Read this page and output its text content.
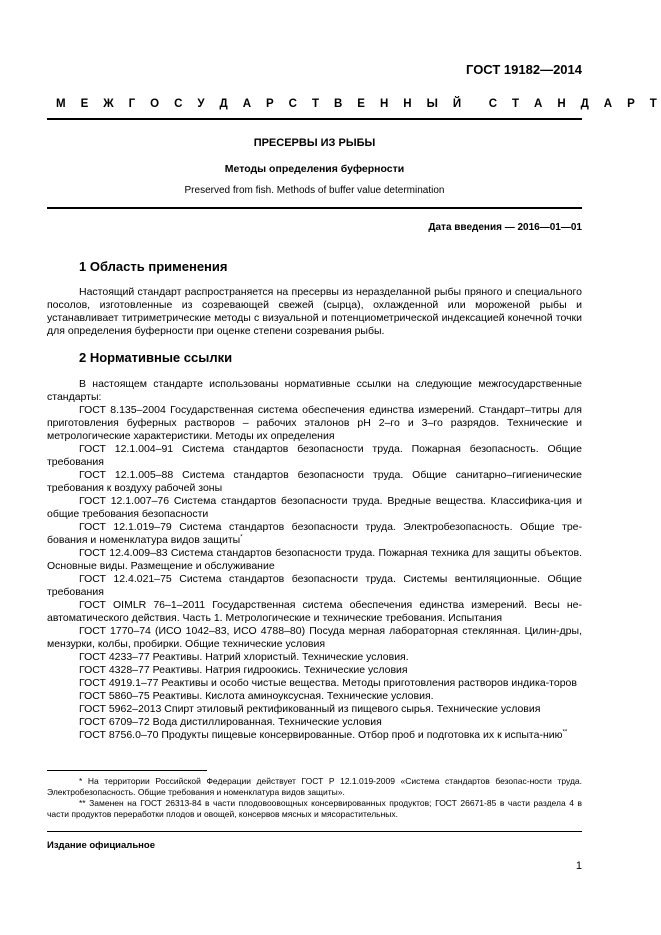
ГОСТ 19182—2014
М Е Ж Г О С У Д А Р С Т В Е Н Н Ы Й С Т А Н Д А Р Т
ПРЕСЕРВЫ ИЗ РЫБЫ
Методы определения буферности
Preserved from fish. Methods of buffer value determination
Дата введения — 2016—01—01
1 Область применения

Настоящий стандарт распространяется на пресервы из неразделанной рыбы пряного и специального посолов, изготовленные из созревающей свежей (сырца), охлажденной или мороженой рыбы и устанавливает титриметрические методы с визуальной и потенциометрической индексацией конечной точки для определения буферности при оценке степени созревания рыбы.

2 Нормативные ссылки

В настоящем стандарте использованы нормативные ссылки на следующие межгосударственные стандарты:

ГОСТ 8.135–2004 Государственная система обеспечения единства измерений. Стандарт–титры для приготовления буферных растворов – рабочих эталонов рН 2–го и 3–го разрядов. Технические и метрологические характеристики. Методы их определения

ГОСТ 12.1.004–91 Система стандартов безопасности труда. Пожарная безопасность. Общие требования

ГОСТ 12.1.005–88 Система стандартов безопасности труда. Общие санитарно–гигиенические требования к воздуху рабочей зоны

ГОСТ 12.1.007–76 Система стандартов безопасности труда. Вредные вещества. Классифика-ция и общие требования безопасности

ГОСТ 12.1.019–79 Система стандартов безопасности труда. Электробезопасность. Общие тре-бования и номенклатура видов защиты*

ГОСТ 12.4.009–83 Система стандартов безопасности труда. Пожарная техника для защиты объектов. Основные виды. Размещение и обслуживание

ГОСТ 12.4.021–75 Система стандартов безопасности труда. Системы вентиляционные. Общие требования

ГОСТ OIMLR 76–1–2011 Государственная система обеспечения единства измерений. Весы не-автоматического действия. Часть 1. Метрологические и технические требования. Испытания

ГОСТ 1770–74 (ИСО 1042–83, ИСО 4788–80) Посуда мерная лабораторная стеклянная. Цилин-дры, мензурки, колбы, пробирки. Общие технические условия

ГОСТ 4233–77 Реактивы. Натрий хлористый. Технические условия.

ГОСТ 4328–77 Реактивы. Натрия гидроокись. Технические условия

ГОСТ 4919.1–77 Реактивы и особо чистые вещества. Методы приготовления растворов индика-торов

ГОСТ 5860–75 Реактивы. Кислота аминоуксусная. Технические условия.

ГОСТ 5962–2013 Спирт этиловый ректификованный из пищевого сырья. Технические условия

ГОСТ 6709–72 Вода дистиллированная. Технические условия

ГОСТ 8756.0–70 Продукты пищевые консервированные. Отбор проб и подготовка их к испыта-нию**

* На территории Российской Федерации действует ГОСТ Р 12.1.019-2009 «Система стандартов безопас-ности труда. Электробезопасность. Общие требования и номенклатура видов защиты».

** Заменен на ГОСТ 26313-84 в части плодовоовощных консервированных продуктов; ГОСТ 26671-85 в части раздела 4 в части продуктов переработки плодов и овощей, консервов мясных и мясорастительных.

Издание официальное
1
